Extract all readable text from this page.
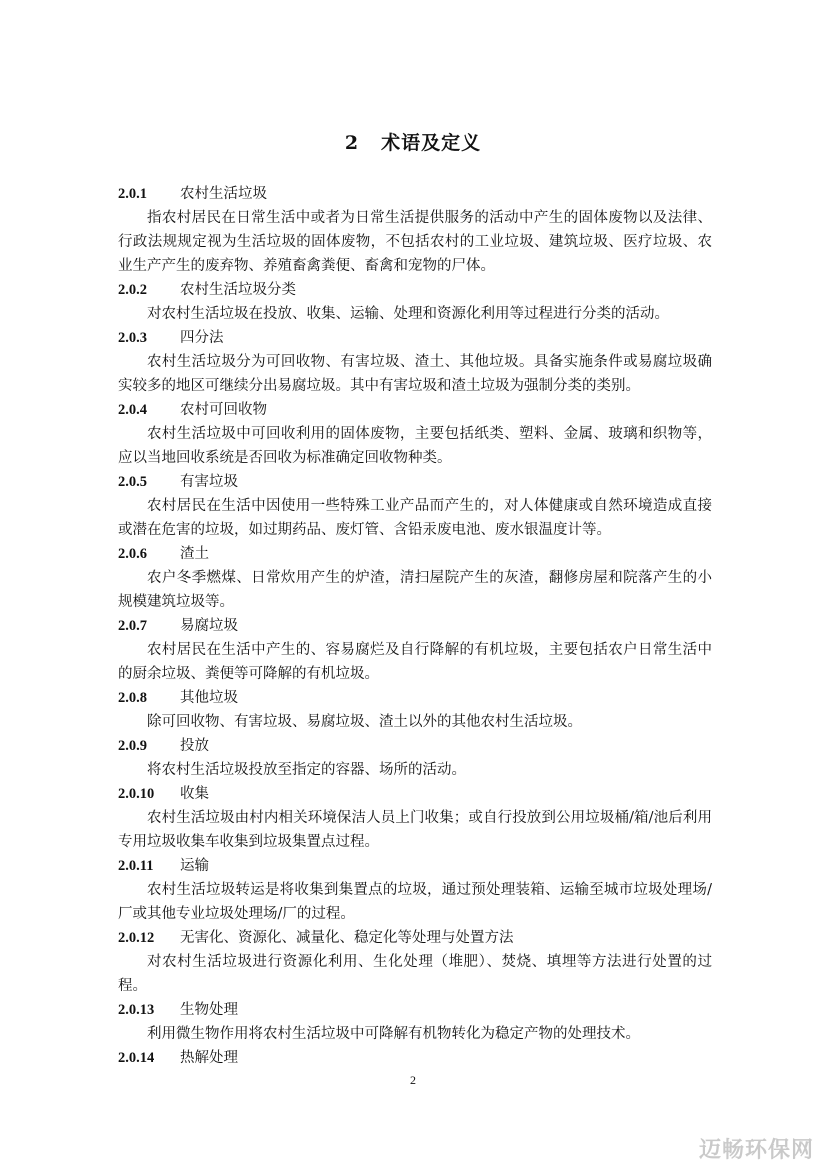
2 术语及定义
2.0.1 农村生活垃圾

指农村居民在日常生活中或者为日常生活提供服务的活动中产生的固体废物以及法律、行政法规规定视为生活垃圾的固体废物，不包括农村的工业垃圾、建筑垃圾、医疗垃圾、农业生产产生的废弃物、养殖畜禽粪便、畜禽和宠物的尸体。

2.0.2 农村生活垃圾分类

对农村生活垃圾在投放、收集、运输、处理和资源化利用等过程进行分类的活动。

2.0.3 四分法

农村生活垃圾分为可回收物、有害垃圾、渣土、其他垃圾。具备实施条件或易腐垃圾确实较多的地区可继续分出易腐垃圾。其中有害垃圾和渣土垃圾为强制分类的类别。

2.0.4 农村可回收物

农村生活垃圾中可回收利用的固体废物，主要包括纸类、塑料、金属、玻璃和织物等，应以当地回收系统是否回收为标准确定回收物种类。

2.0.5 有害垃圾

农村居民在生活中因使用一些特殊工业产品而产生的，对人体健康或自然环境造成直接或潜在危害的垃圾，如过期药品、废灯管、含铅汞废电池、废水银温度计等。

2.0.6 渣土

农户冬季燃煤、日常炊用产生的炉渣，清扫屋院产生的灰渣，翻修房屋和院落产生的小规模建筑垃圾等。

2.0.7 易腐垃圾

农村居民在生活中产生的、容易腐烂及自行降解的有机垃圾，主要包括农户日常生活中的厨余垃圾、粪便等可降解的有机垃圾。

2.0.8 其他垃圾

除可回收物、有害垃圾、易腐垃圾、渣土以外的其他农村生活垃圾。

2.0.9 投放

将农村生活垃圾投放至指定的容器、场所的活动。

2.0.10 收集

农村生活垃圾由村内相关环境保洁人员上门收集；或自行投放到公用垃圾桶/箱/池后利用专用垃圾收集车收集到垃圾集置点过程。

2.0.11 运输

农村生活垃圾转运是将收集到集置点的垃圾，通过预处理装箱、运输至城市垃圾处理场/厂或其他专业垃圾处理场/厂的过程。

2.0.12 无害化、资源化、减量化、稳定化等处理与处置方法

对农村生活垃圾进行资源化利用、生化处理（堆肥）、焚烧、填埋等方法进行处置的过程。

2.0.13 生物处理

利用微生物作用将农村生活垃圾中可降解有机物转化为稳定产物的处理技术。

2.0.14 热解处理
2
迈畅环保网
